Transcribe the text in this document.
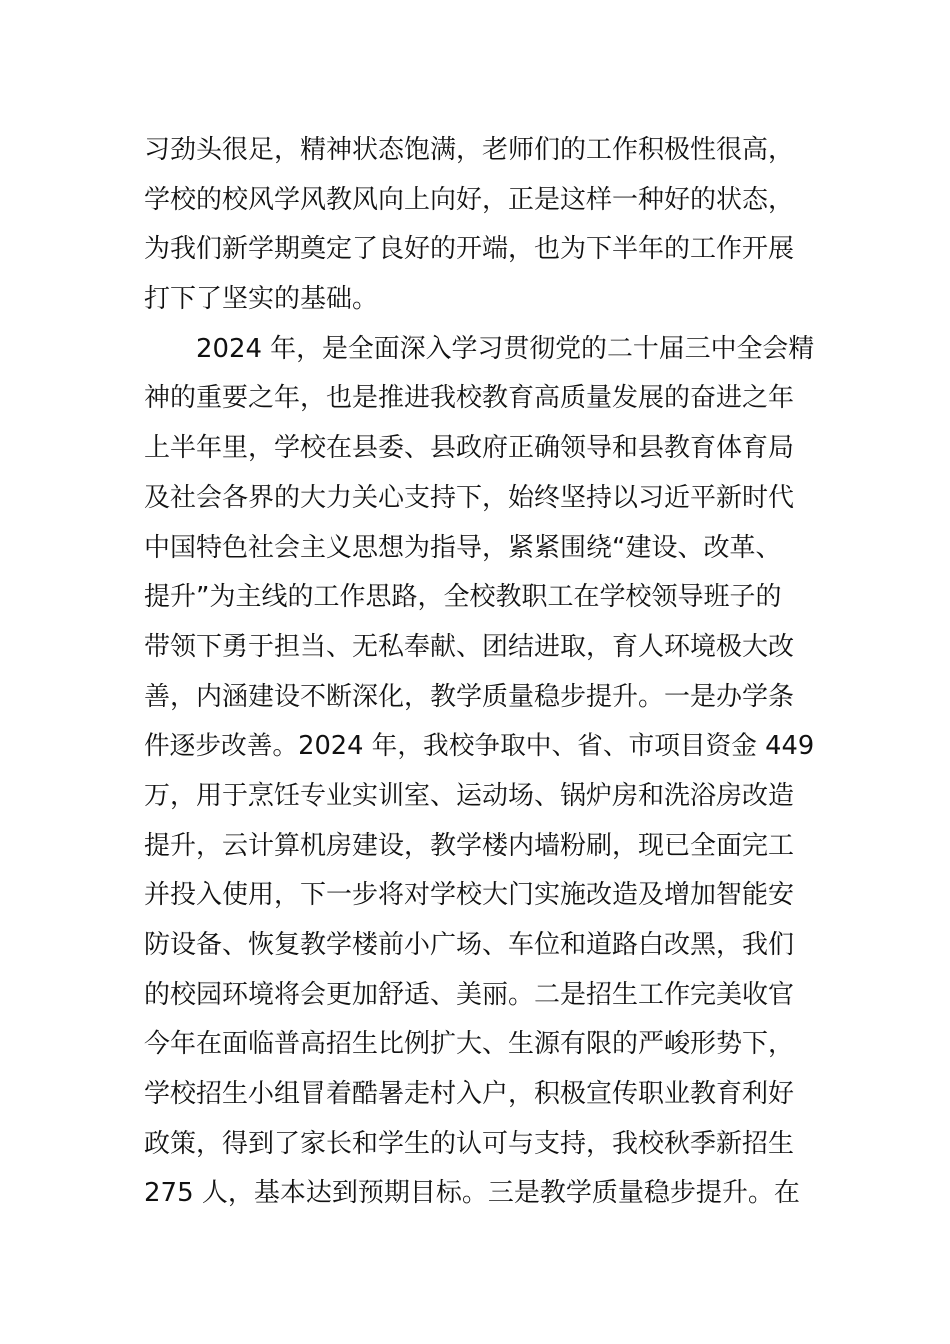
习劲头很足，精神状态饱满，老师们的工作积极性很高，
学校的校风学风教风向上向好，正是这样一种好的状态，
为我们新学期奠定了良好的开端，也为下半年的工作开展
打下了坚实的基础。
2024 年，是全面深入学习贯彻党的二十届三中全会精
神的重要之年，也是推进我校教育高质量发展的奋进之年
上半年里，学校在县委、县政府正确领导和县教育体育局
及社会各界的大力关心支持下，始终坚持以习近平新时代
中国特色社会主义思想为指导，紧紧围绕“建设、改革、
提升”为主线的工作思路，全校教职工在学校领导班子的
带领下勇于担当、无私奉献、团结进取，育人环境极大改
善，内涵建设不断深化，教学质量稳步提升。一是办学条
件逐步改善。2024 年，我校争取中、省、市项目资金 449
万，用于烹饪专业实训室、运动场、锅炉房和洗浴房改造
提升，云计算机房建设，教学楼内墙粉刷，现已全面完工
并投入使用，下一步将对学校大门实施改造及增加智能安
防设备、恢复教学楼前小广场、车位和道路白改黑，我们
的校园环境将会更加舒适、美丽。二是招生工作完美收官
今年在面临普高招生比例扩大、生源有限的严峻形势下，
学校招生小组冒着酷暑走村入户，积极宣传职业教育利好
政策，得到了家长和学生的认可与支持，我校秋季新招生
275 人，基本达到预期目标。三是教学质量稳步提升。在
